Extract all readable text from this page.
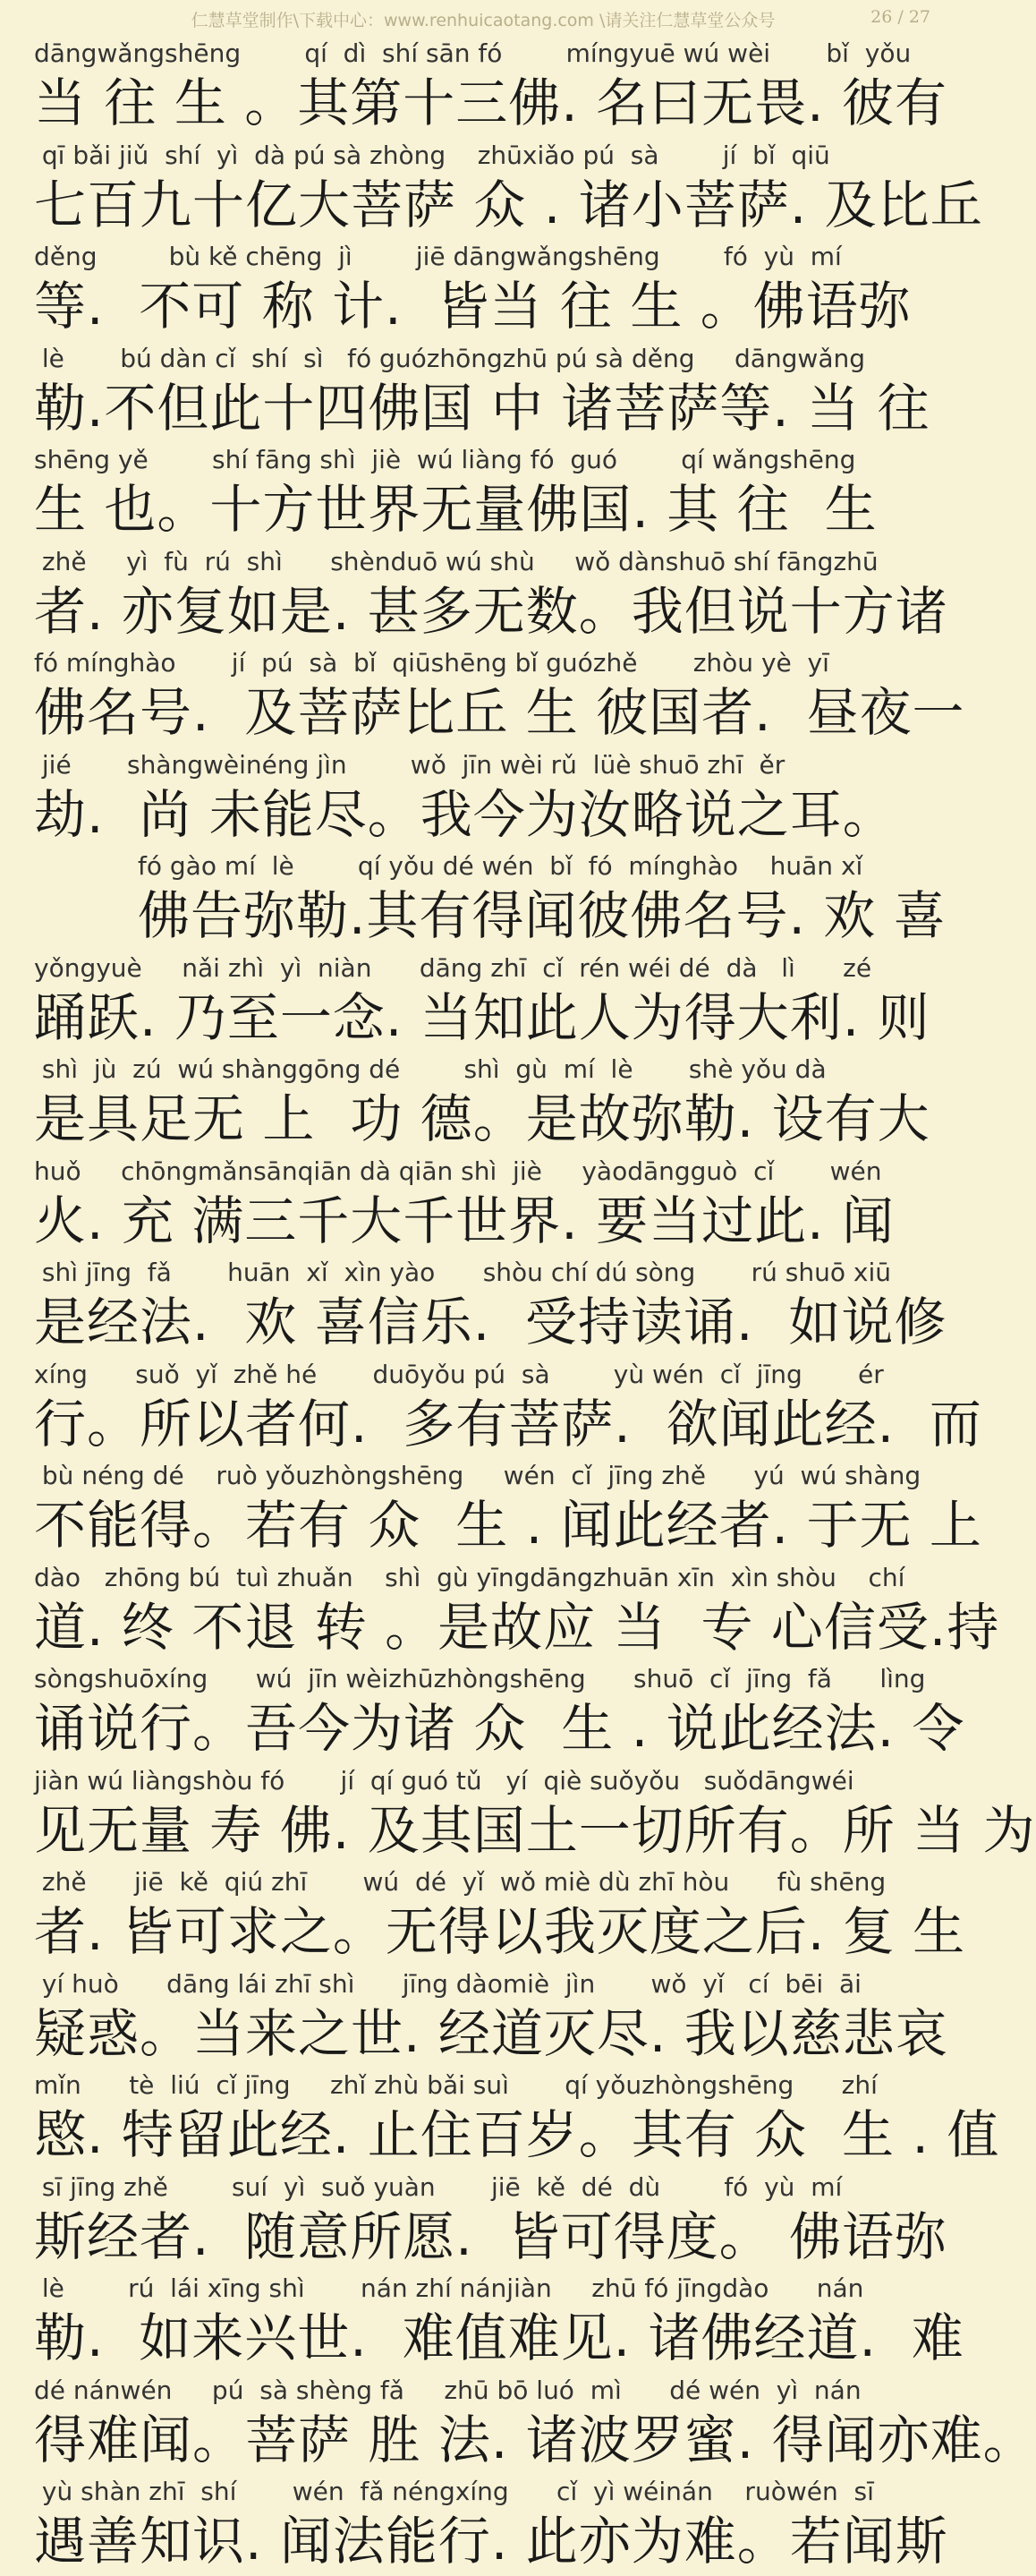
仁慧草堂制作\下载中心：www.renhuicaotang.com \请关注仁慧草堂公众号	26 / 27
dāngwǎngshēng        qí  dì  shí sān fó        míngyuē wú wèi       bǐ  yǒu
当 往 生 。其第十三佛. 名曰无畏. 彼有
qī bǎi jiǔ  shí  yì  dà pú sà zhòng    zhūxiǎo pú  sà        jí  bǐ  qiū
七百九十亿大菩萨 众 . 诸小菩萨. 及比丘
děng         bù kě chēng  jì        jiē dāngwǎngshēng        fó  yù  mí
等.  不可 称 计.  皆当 往 生 。佛语弥
lè       bú dàn cǐ  shí  sì   fó guózhōngzhū pú sà děng     dāngwǎng
勒.不但此十四佛国 中 诸菩萨等. 当 往
shēng yě        shí fāng shì  jiè  wú liàng fó  guó        qí wǎngshēng
生 也。十方世界无量佛国. 其 往  生
zhě     yì  fù  rú  shì      shènduō wú shù     wǒ dànshuō shí fāngzhū
者. 亦复如是. 甚多无数。我但说十方诸
fó mínghào       jí  pú  sà  bǐ  qiūshēng bǐ guózhě       zhòu yè  yī
佛名号.  及菩萨比丘 生 彼国者.  昼夜一
jié       shàngwèinéng jìn        wǒ  jīn wèi rǔ  lüè shuō zhī  ěr
劫.  尚 未能尽。我今为汝略说之耳。
fó gào mí  lè        qí yǒu dé wén  bǐ  fó  mínghào    huān xǐ
佛告弥勒.其有得闻彼佛名号. 欢 喜
yǒngyuè     nǎi zhì  yì  niàn      dāng zhī  cǐ  rén wéi dé  dà   lì      zé
踊跃. 乃至一念. 当知此人为得大利. 则
shì  jù  zú  wú shànggōng dé        shì  gù  mí  lè       shè yǒu dà
是具足无 上  功 德。是故弥勒. 设有大
huǒ     chōngmǎnsānqiān dà qiān shì  jiè     yàodāngguò  cǐ       wén
火. 充 满三千大千世界. 要当过此. 闻
shì jīng  fǎ       huān  xǐ  xìn yào      shòu chí dú sòng       rú shuō xiū
是经法.  欢 喜信乐.  受持读诵.  如说修
xíng      suǒ  yǐ  zhě hé       duōyǒu pú  sà        yù wén  cǐ  jīng       ér
行。所以者何.  多有菩萨.  欲闻此经.  而
bù néng dé    ruò yǒuzhòngshēng     wén  cǐ  jīng zhě      yú  wú shàng
不能得。若有 众  生 . 闻此经者. 于无 上
dào   zhōng bú  tuì zhuǎn    shì  gù yīngdāngzhuān xīn  xìn shòu    chí
道. 终 不退 转 。是故应 当  专 心信受.持
sòngshuōxíng      wú  jīn wèizhūzhòngshēng      shuō  cǐ  jīng  fǎ      lìng
诵说行。吾今为诸 众  生 . 说此经法. 令
jiàn wú liàngshòu fó       jí  qí guó tǔ   yí  qiè suǒyǒu   suǒdāngwéi
见无量 寿 佛. 及其国土一切所有。所 当 为
zhě      jiē  kě  qiú zhī       wú  dé  yǐ  wǒ miè dù zhī hòu      fù shēng
者. 皆可求之。无得以我灭度之后. 复 生
yí huò      dāng lái zhī shì      jīng dàomiè  jìn       wǒ  yǐ   cí  bēi  āi
疑惑。当来之世. 经道灭尽. 我以慈悲哀
mǐn      tè  liú  cǐ jīng     zhǐ zhù bǎi suì       qí yǒuzhòngshēng      zhí
愍. 特留此经. 止住百岁。其有 众  生 . 值
sī jīng zhě        suí  yì  suǒ yuàn       jiē  kě  dé  dù        fó  yù  mí
斯经者.  随意所愿.  皆可得度。 佛语弥
lè        rú  lái xīng shì       nán zhí nánjiàn     zhū fó jīngdào      nán
勒.  如来兴世.  难值难见. 诸佛经道.  难
dé nánwén     pú  sà shèng fǎ     zhū bō luó  mì      dé wén  yì  nán
得难闻。菩萨 胜 法. 诸波罗蜜. 得闻亦难。
yù shàn zhī  shí       wén  fǎ néngxíng      cǐ  yì wéinán    ruòwén  sī
遇善知识. 闻法能行. 此亦为难。若闻斯
